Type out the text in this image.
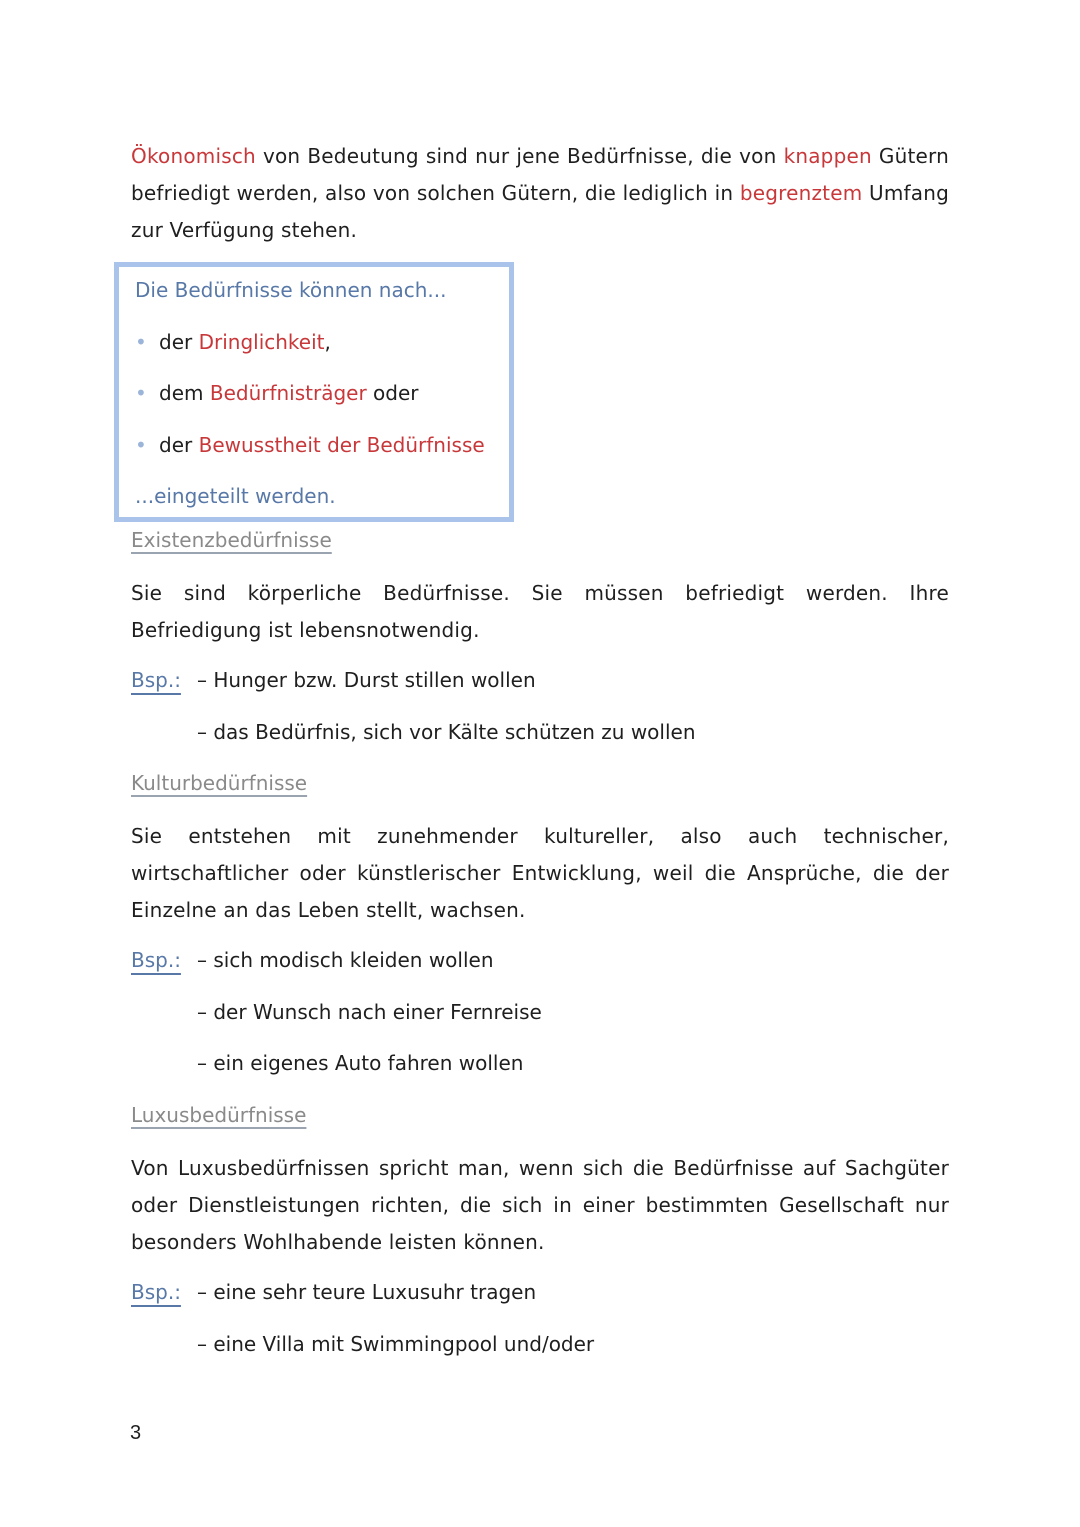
Ökonomisch von Bedeutung sind nur jene Bedürfnisse, die von knappen Gütern befriedigt werden, also von solchen Gütern, die lediglich in begrenztem Umfang zur Verfügung stehen.

Die Bedürfnisse können nach...
• der Dringlichkeit,
• dem Bedürfnisträger oder
• der Bewusstheit der Bedürfnisse
...eingeteilt werden.
Existenzbedürfnisse

Sie sind körperliche Bedürfnisse. Sie müssen befriedigt werden. Ihre Befriedigung ist lebensnotwendig.

Bsp.: – Hunger bzw. Durst stillen wollen
– das Bedürfnis, sich vor Kälte schützen zu wollen
Kulturbedürfnisse

Sie entstehen mit zunehmender kultureller, also auch technischer, wirtschaftlicher oder künstlerischer Entwicklung, weil die Ansprüche, die der Einzelne an das Leben stellt, wachsen.

Bsp.: – sich modisch kleiden wollen
– der Wunsch nach einer Fernreise
– ein eigenes Auto fahren wollen
Luxusbedürfnisse

Von Luxusbedürfnissen spricht man, wenn sich die Bedürfnisse auf Sachgüter oder Dienstleistungen richten, die sich in einer bestimmten Gesellschaft nur besonders Wohlhabende leisten können.

Bsp.: – eine sehr teure Luxusuhr tragen
– eine Villa mit Swimmingpool und/oder
3
